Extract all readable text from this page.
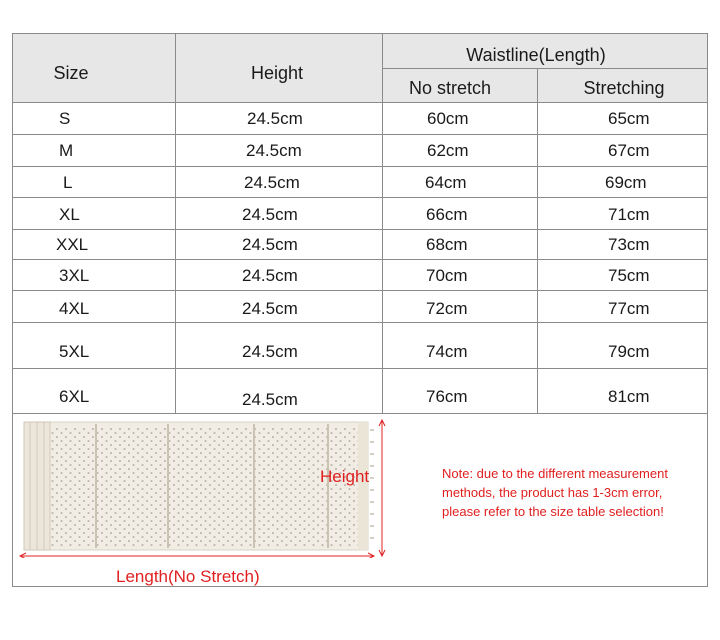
Size	Height
Waistline(Length)
No stretch	Stretching
S	24.5cm	60cm	65cm
M	24.5cm	62cm	67cm
L	24.5cm	64cm	69cm
XL	24.5cm	66cm	71cm
XXL	24.5cm	68cm	73cm
3XL	24.5cm	70cm	75cm
4XL	24.5cm	72cm	77cm
5XL	24.5cm	74cm	79cm
6XL	24.5cm	76cm	81cm
Height
Length(No Stretch)
Note: due to the different measurement
methods, the product has 1-3cm error,
please refer to the size table selection!
